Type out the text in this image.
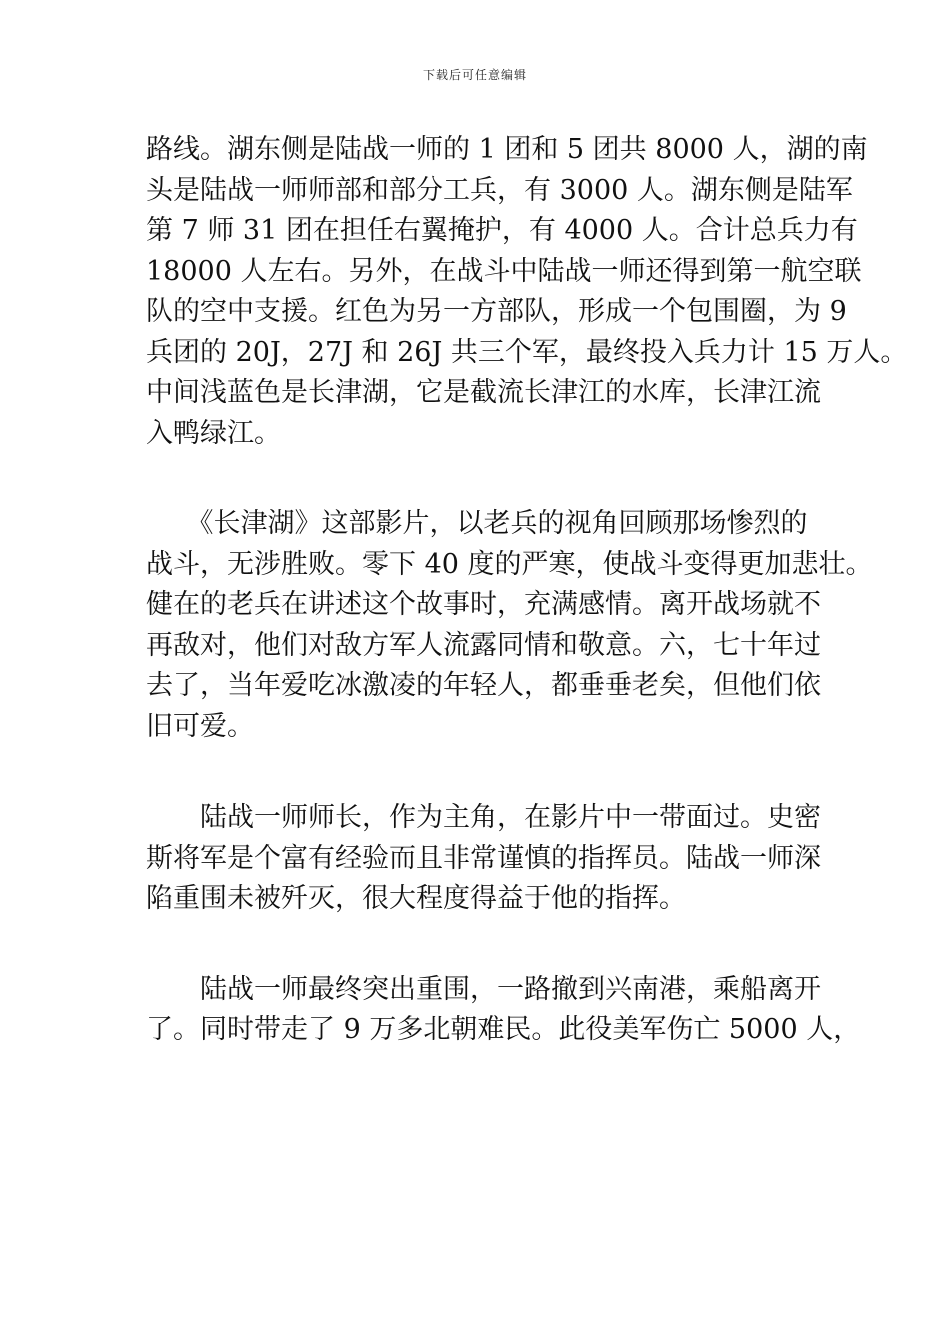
下载后可任意编辑
路线。湖东侧是陆战一师的 1 团和 5 团共 8000 人，湖的南
头是陆战一师师部和部分工兵，有 3000 人。湖东侧是陆军
第 7 师 31 团在担任右翼掩护，有 4000 人。合计总兵力有
18000 人左右。另外，在战斗中陆战一师还得到第一航空联
队的空中支援。红色为另一方部队，形成一个包围圈，为 9
兵团的 20J，27J 和 26J 共三个军，最终投入兵力计 15 万人。
中间浅蓝色是长津湖，它是截流长津江的水库，长津江流
入鸭绿江。
　　《长津湖》这部影片，以老兵的视角回顾那场惨烈的
战斗，无涉胜败。零下 40 度的严寒，使战斗变得更加悲壮。
健在的老兵在讲述这个故事时，充满感情。离开战场就不
再敌对，他们对敌方军人流露同情和敬意。六，七十年过
去了，当年爱吃冰激凌的年轻人，都垂垂老矣，但他们依
旧可爱。
　　陆战一师师长，作为主角，在影片中一带面过。史密
斯将军是个富有经验而且非常谨慎的指挥员。陆战一师深
陷重围未被歼灭，很大程度得益于他的指挥。
　　陆战一师最终突出重围，一路撤到兴南港，乘船离开
了。同时带走了 9 万多北朝难民。此役美军伤亡 5000 人，
